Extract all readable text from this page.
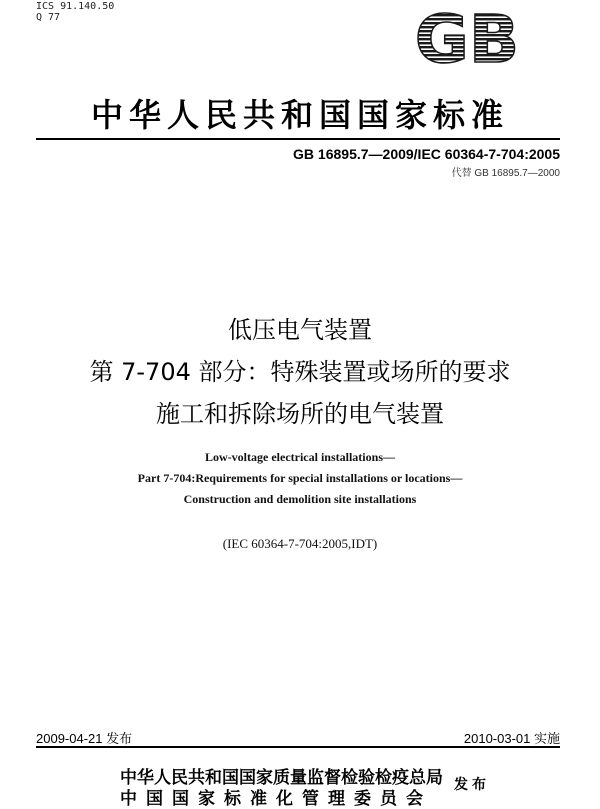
ICS 91.140.50
Q 77	GB
中华人民共和国国家标准
GB 16895.7—2009/IEC 60364-7-704:2005
代替 GB 16895.7—2000
低压电气装置
第 7-704 部分：特殊装置或场所的要求
施工和拆除场所的电气装置
Low-voltage electrical installations—
Part 7-704:Requirements for special installations or locations—
Construction and demolition site installations
(IEC 60364-7-704:2005,IDT)
2009-04-21 发布	2010-03-01 实施
中华人民共和国国家质量监督检验检疫总局
中国国家标准化管理委员会
发布
